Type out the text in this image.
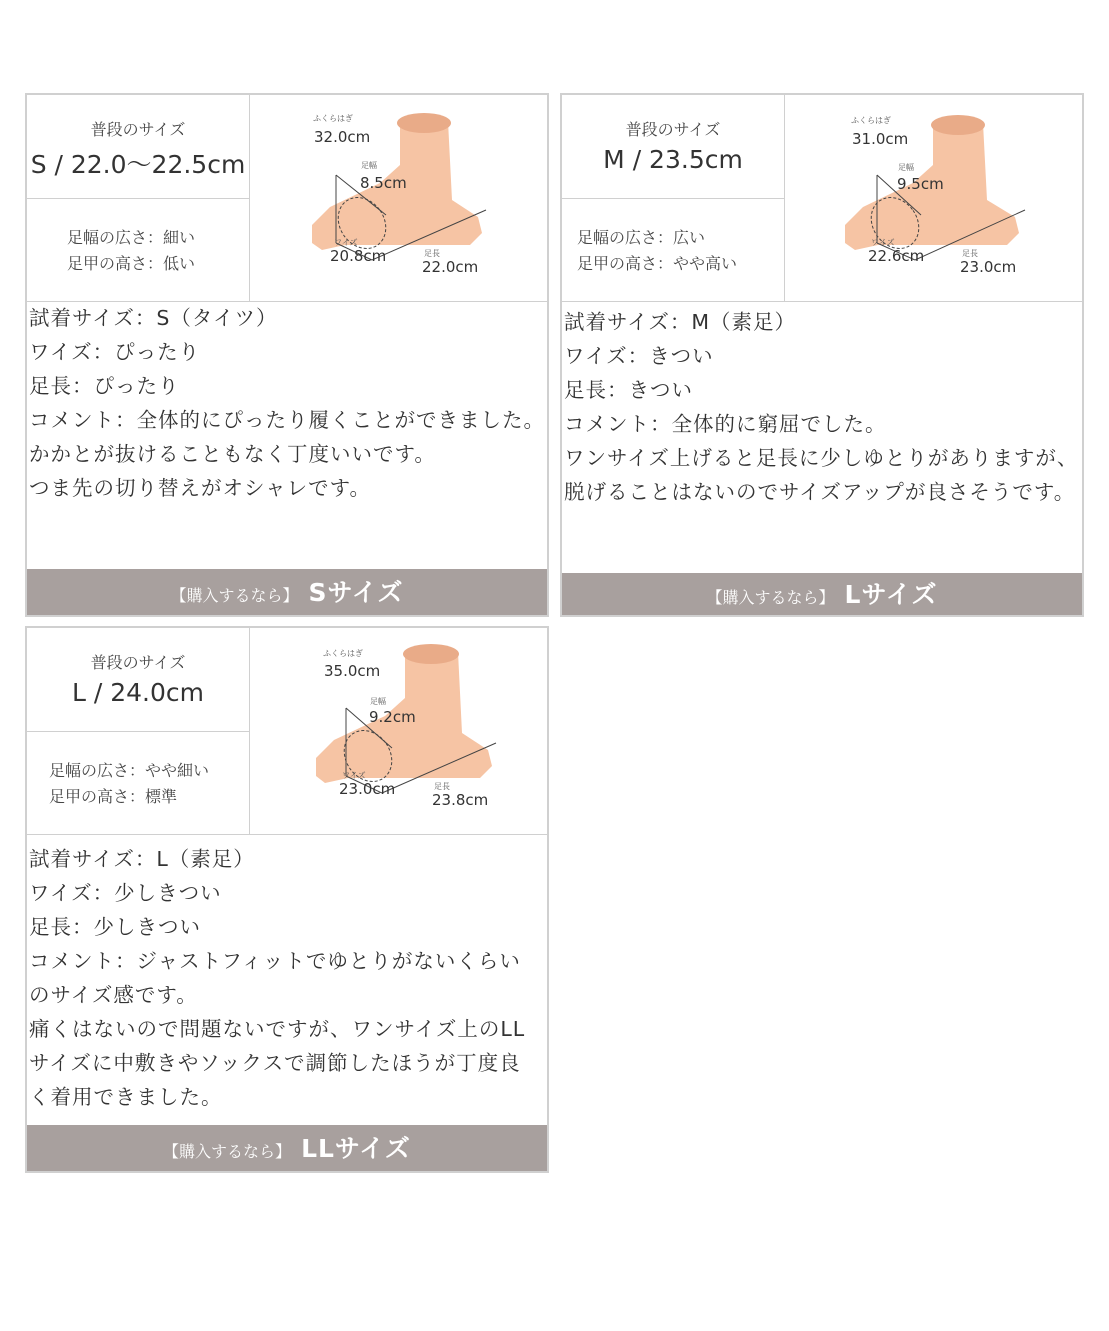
普段のサイズ
S / 22.0〜22.5cm
足幅の広さ：細い
足甲の高さ：低い
ふくらはぎ
32.0cm
足幅
8.5cm
ワイズ
20.8cm	足長
22.0cm
試着サイズ：S（タイツ）
ワイズ：ぴったり
足長：ぴったり
コメント：全体的にぴったり履くことができました。
かかとが抜けることもなく丁度いいです。
つま先の切り替えがオシャレです。
【購入するなら】 Sサイズ
普段のサイズ
M / 23.5cm
足幅の広さ：広い
足甲の高さ：やや高い
ふくらはぎ
31.0cm
足幅
9.5cm
ワイズ
22.6cm	足長
23.0cm
試着サイズ：M（素足）
ワイズ：きつい
足長：きつい
コメント：全体的に窮屈でした。
ワンサイズ上げると足長に少しゆとりがありますが、
脱げることはないのでサイズアップが良さそうです。
【購入するなら】 Lサイズ
普段のサイズ
L / 24.0cm
足幅の広さ：やや細い
足甲の高さ：標準
ふくらはぎ
35.0cm
足幅
9.2cm
ワイズ
23.0cm	足長
23.8cm
試着サイズ：L（素足）
ワイズ：少しきつい
足長：少しきつい
コメント：ジャストフィットでゆとりがないくらい
のサイズ感です。
痛くはないので問題ないですが、ワンサイズ上のLL
サイズに中敷きやソックスで調節したほうが丁度良
く着用できました。
【購入するなら】 LLサイズ
